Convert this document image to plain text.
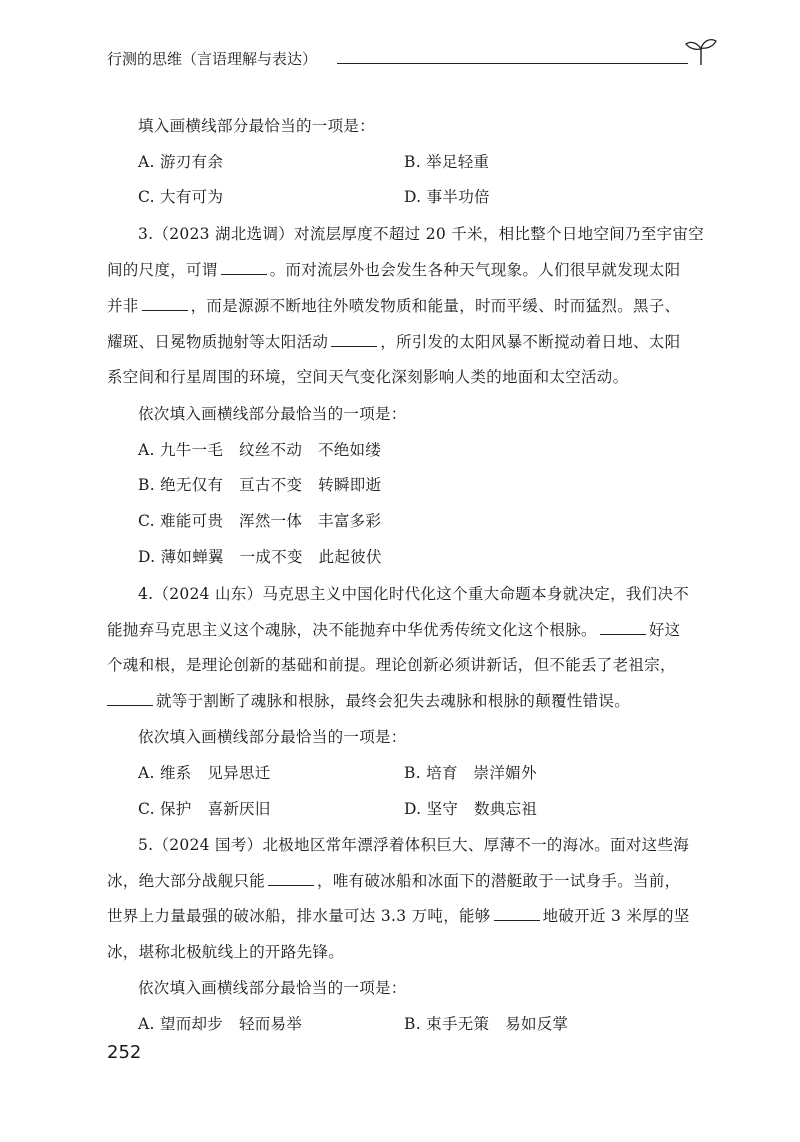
行测的思维（言语理解与表达）
填入画横线部分最恰当的一项是：
A. 游刃有余	B. 举足轻重
C. 大有可为	D. 事半功倍
3.（2023 湖北选调）对流层厚度不超过 20 千米，相比整个日地空间乃至宇宙空
间的尺度，可谓	。而对流层外也会发生各种天气现象。人们很早就发现太阳
并非	，而是源源不断地往外喷发物质和能量，时而平缓、时而猛烈。黑子、
耀斑、日冕物质抛射等太阳活动	，所引发的太阳风暴不断搅动着日地、太阳
系空间和行星周围的环境，空间天气变化深刻影响人类的地面和太空活动。
依次填入画横线部分最恰当的一项是：
A. 九牛一毛　纹丝不动　不绝如缕
B. 绝无仅有　亘古不变　转瞬即逝
C. 难能可贵　浑然一体　丰富多彩
D. 薄如蝉翼　一成不变　此起彼伏
4.（2024 山东）马克思主义中国化时代化这个重大命题本身就决定，我们决不
能抛弃马克思主义这个魂脉，决不能抛弃中华优秀传统文化这个根脉。	好这
个魂和根，是理论创新的基础和前提。理论创新必须讲新话，但不能丢了老祖宗，
就等于割断了魂脉和根脉，最终会犯失去魂脉和根脉的颠覆性错误。
依次填入画横线部分最恰当的一项是：
A. 维系　见异思迁	B. 培育　崇洋媚外
C. 保护　喜新厌旧	D. 坚守　数典忘祖
5.（2024 国考）北极地区常年漂浮着体积巨大、厚薄不一的海冰。面对这些海
冰，绝大部分战舰只能	，唯有破冰船和冰面下的潜艇敢于一试身手。当前，
世界上力量最强的破冰船，排水量可达 3.3 万吨，能够	地破开近 3 米厚的坚
冰，堪称北极航线上的开路先锋。
依次填入画横线部分最恰当的一项是：
A. 望而却步　轻而易举	B. 束手无策　易如反掌
252
